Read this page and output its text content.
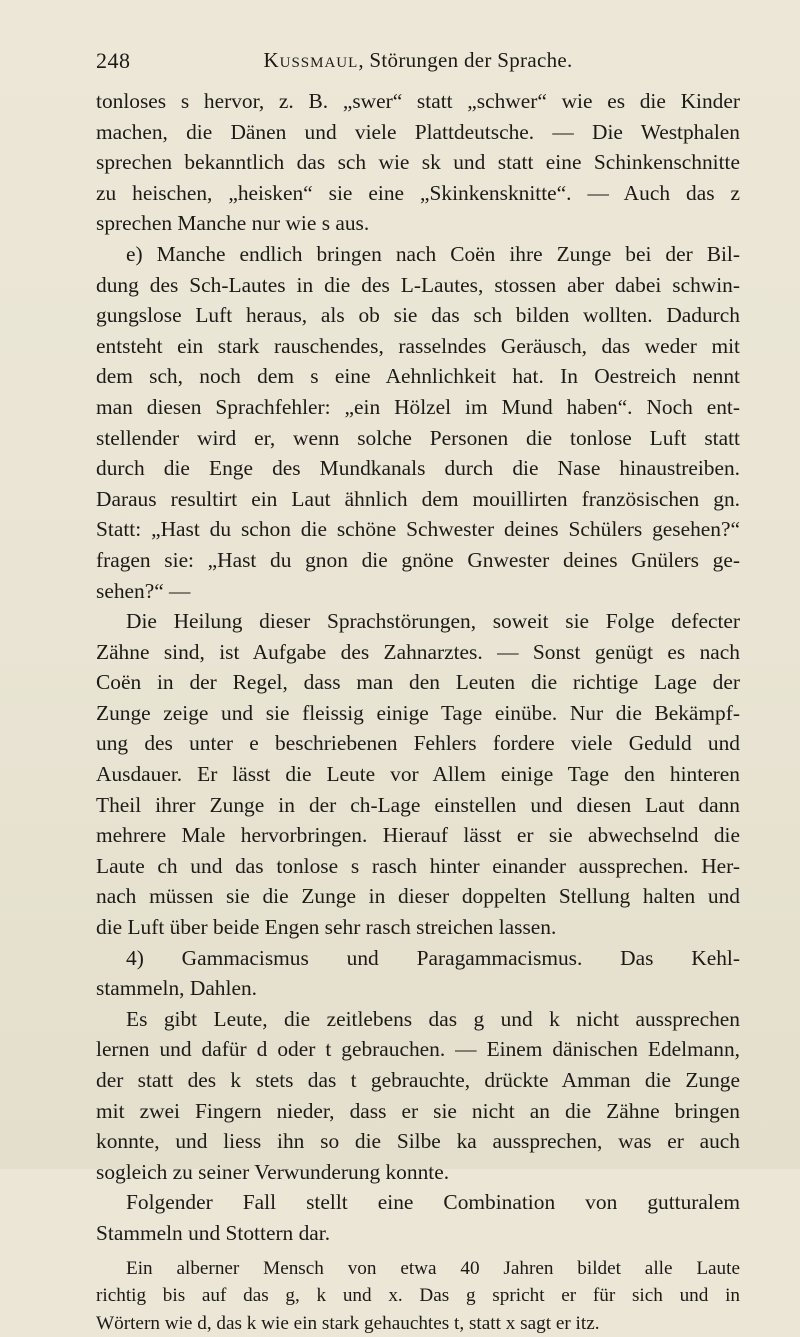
248	Kussmaul, Störungen der Sprache.
tonloses s hervor, z. B. „swer“ statt „schwer“ wie es die Kinder
machen, die Dänen und viele Plattdeutsche. — Die Westphalen
sprechen bekanntlich das sch wie sk und statt eine Schinkenschnitte
zu heischen, „heisken“ sie eine „Skinkensknitte“. — Auch das z
sprechen Manche nur wie s aus.
e) Manche endlich bringen nach Coën ihre Zunge bei der Bil-
dung des Sch-Lautes in die des L-Lautes, stossen aber dabei schwin-
gungslose Luft heraus, als ob sie das sch bilden wollten. Dadurch
entsteht ein stark rauschendes, rasselndes Geräusch, das weder mit
dem sch, noch dem s eine Aehnlichkeit hat. In Oestreich nennt
man diesen Sprachfehler: „ein Hölzel im Mund haben“. Noch ent-
stellender wird er, wenn solche Personen die tonlose Luft statt
durch die Enge des Mundkanals durch die Nase hinaustreiben.
Daraus resultirt ein Laut ähnlich dem mouillirten französischen gn.
Statt: „Hast du schon die schöne Schwester deines Schülers gesehen?“
fragen sie: „Hast du gnon die gnöne Gnwester deines Gnülers ge-
sehen?“ —
Die Heilung dieser Sprachstörungen, soweit sie Folge defecter
Zähne sind, ist Aufgabe des Zahnarztes. — Sonst genügt es nach
Coën in der Regel, dass man den Leuten die richtige Lage der
Zunge zeige und sie fleissig einige Tage einübe. Nur die Bekämpf-
ung des unter e beschriebenen Fehlers fordere viele Geduld und
Ausdauer. Er lässt die Leute vor Allem einige Tage den hinteren
Theil ihrer Zunge in der ch-Lage einstellen und diesen Laut dann
mehrere Male hervorbringen. Hierauf lässt er sie abwechselnd die
Laute ch und das tonlose s rasch hinter einander aussprechen. Her-
nach müssen sie die Zunge in dieser doppelten Stellung halten und
die Luft über beide Engen sehr rasch streichen lassen.
4) Gammacismus und Paragammacismus. Das Kehl-
stammeln, Dahlen.
Es gibt Leute, die zeitlebens das g und k nicht aussprechen
lernen und dafür d oder t gebrauchen. — Einem dänischen Edelmann,
der statt des k stets das t gebrauchte, drückte Amman die Zunge
mit zwei Fingern nieder, dass er sie nicht an die Zähne bringen
konnte, und liess ihn so die Silbe ka aussprechen, was er auch
sogleich zu seiner Verwunderung konnte.
Folgender Fall stellt eine Combination von gutturalem
Stammeln und Stottern dar.
Ein alberner Mensch von etwa 40 Jahren bildet alle Laute
richtig bis auf das g, k und x. Das g spricht er für sich und in
Wörtern wie d, das k wie ein stark gehauchtes t, statt x sagt er itz.
